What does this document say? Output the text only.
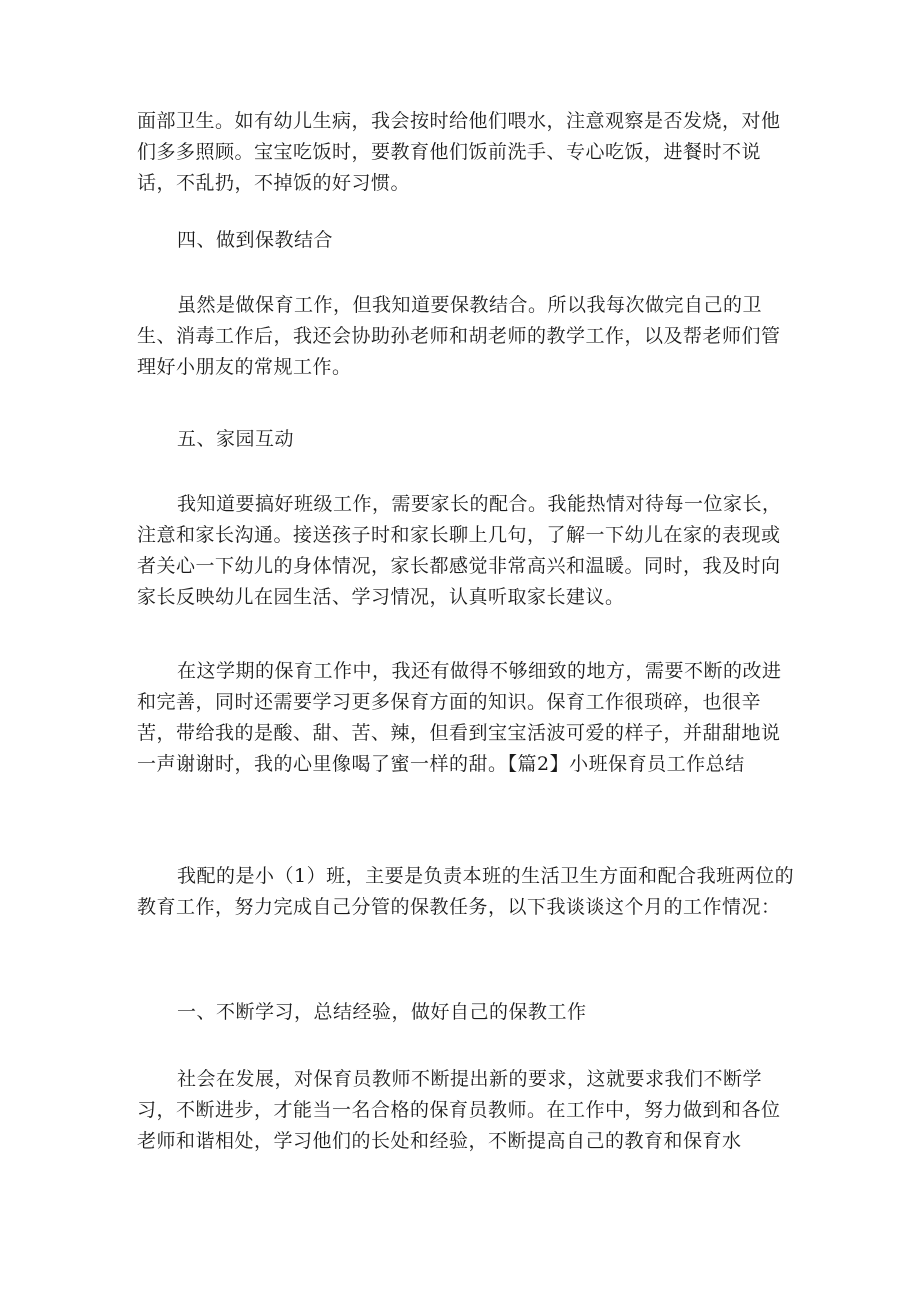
面部卫生。如有幼儿生病，我会按时给他们喂水，注意观察是否发烧，对他们多多照顾。宝宝吃饭时，要教育他们饭前洗手、专心吃饭，进餐时不说话，不乱扔，不掉饭的好习惯。

四、做到保教结合

虽然是做保育工作，但我知道要保教结合。所以我每次做完自己的卫生、消毒工作后，我还会协助孙老师和胡老师的教学工作，以及帮老师们管理好小朋友的常规工作。

五、家园互动

我知道要搞好班级工作，需要家长的配合。我能热情对待每一位家长，注意和家长沟通。接送孩子时和家长聊上几句，了解一下幼儿在家的表现或者关心一下幼儿的身体情况，家长都感觉非常高兴和温暖。同时，我及时向家长反映幼儿在园生活、学习情况，认真听取家长建议。

在这学期的保育工作中，我还有做得不够细致的地方，需要不断的改进和完善，同时还需要学习更多保育方面的知识。保育工作很琐碎，也很辛苦，带给我的是酸、甜、苦、辣，但看到宝宝活波可爱的样子，并甜甜地说一声谢谢时，我的心里像喝了蜜一样的甜。【篇2】小班保育员工作总结

我配的是小（1）班，主要是负责本班的生活卫生方面和配合我班两位的教育工作，努力完成自己分管的保教任务，以下我谈谈这个月的工作情况：

一、不断学习，总结经验，做好自己的保教工作

社会在发展，对保育员教师不断提出新的要求，这就要求我们不断学习，不断进步，才能当一名合格的保育员教师。在工作中，努力做到和各位老师和谐相处，学习他们的长处和经验，不断提高自己的教育和保育水
